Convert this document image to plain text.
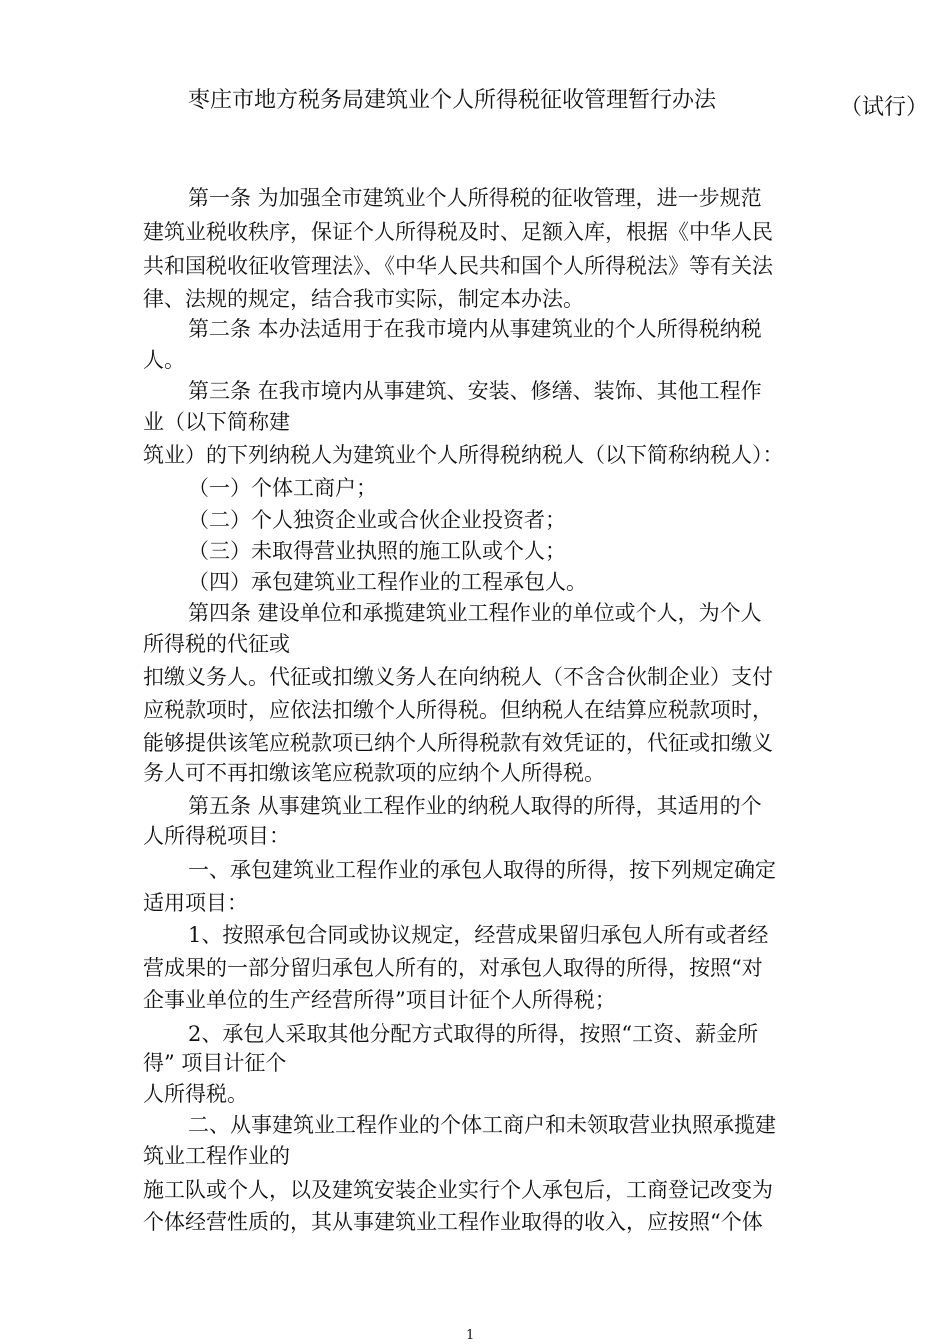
枣庄市地方税务局建筑业个人所得税征收管理暂行办法	（试行）
第一条 为加强全市建筑业个人所得税的征收管理，进一步规范
建筑业税收秩序，保证个人所得税及时、足额入库，根据《中华人民
共和国税收征收管理法》、《中华人民共和国个人所得税法》等有关法
律、法规的规定，结合我市实际，制定本办法。
第二条 本办法适用于在我市境内从事建筑业的个人所得税纳税
人。
第三条 在我市境内从事建筑、安装、修缮、装饰、其他工程作
业（以下简称建
筑业）的下列纳税人为建筑业个人所得税纳税人（以下简称纳税人）：
（一）个体工商户；
（二）个人独资企业或合伙企业投资者；
（三）未取得营业执照的施工队或个人；
（四）承包建筑业工程作业的工程承包人。
第四条 建设单位和承揽建筑业工程作业的单位或个人，为个人
所得税的代征或
扣缴义务人。代征或扣缴义务人在向纳税人（不含合伙制企业）支付
应税款项时，应依法扣缴个人所得税。但纳税人在结算应税款项时，
能够提供该笔应税款项已纳个人所得税款有效凭证的，代征或扣缴义
务人可不再扣缴该笔应税款项的应纳个人所得税。
第五条 从事建筑业工程作业的纳税人取得的所得，其适用的个
人所得税项目：
一、承包建筑业工程作业的承包人取得的所得，按下列规定确定
适用项目：
1、按照承包合同或协议规定，经营成果留归承包人所有或者经
营成果的一部分留归承包人所有的，对承包人取得的所得，按照“对
企事业单位的生产经营所得”项目计征个人所得税；
2、承包人采取其他分配方式取得的所得，按照“工资、薪金所
得” 项目计征个
人所得税。
二、从事建筑业工程作业的个体工商户和未领取营业执照承揽建
筑业工程作业的
施工队或个人，以及建筑安装企业实行个人承包后，工商登记改变为
个体经营性质的，其从事建筑业工程作业取得的收入，应按照“个体
1
